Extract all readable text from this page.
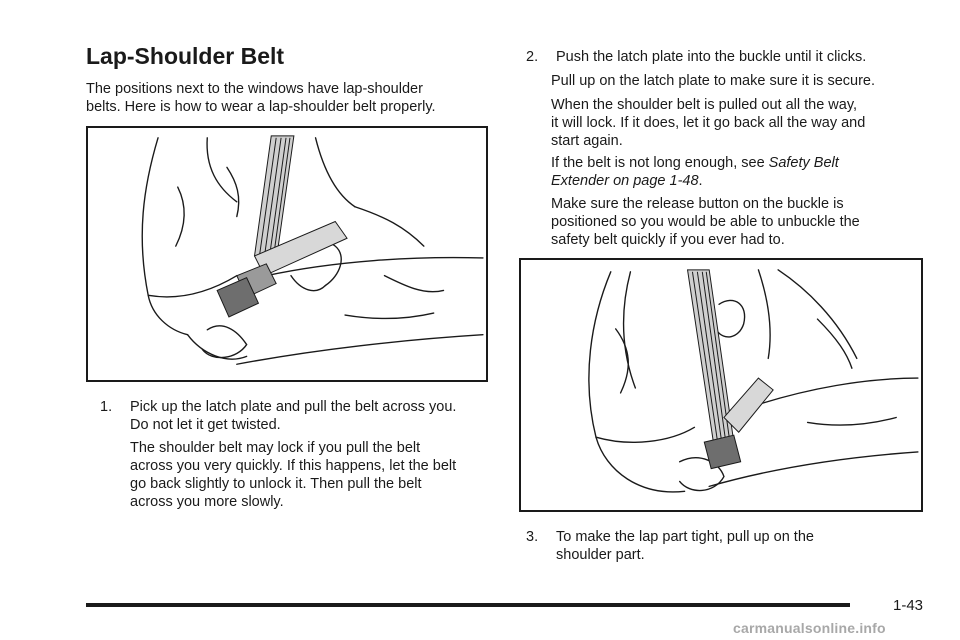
Lap-Shoulder Belt
The positions next to the windows have lap-shoulder
belts. Here is how to wear a lap-shoulder belt properly.
1. Pick up the latch plate and pull the belt across you.
Do not let it get twisted.
The shoulder belt may lock if you pull the belt
across you very quickly. If this happens, let the belt
go back slightly to unlock it. Then pull the belt
across you more slowly.
2. Push the latch plate into the buckle until it clicks.
Pull up on the latch plate to make sure it is secure.
When the shoulder belt is pulled out all the way,
it will lock. If it does, let it go back all the way and
start again.
If the belt is not long enough, see Safety Belt
Extender on page 1-48.
Make sure the release button on the buckle is
positioned so you would be able to unbuckle the
safety belt quickly if you ever had to.
3. To make the lap part tight, pull up on the
shoulder part.
1-43
carmanualsonline.info
